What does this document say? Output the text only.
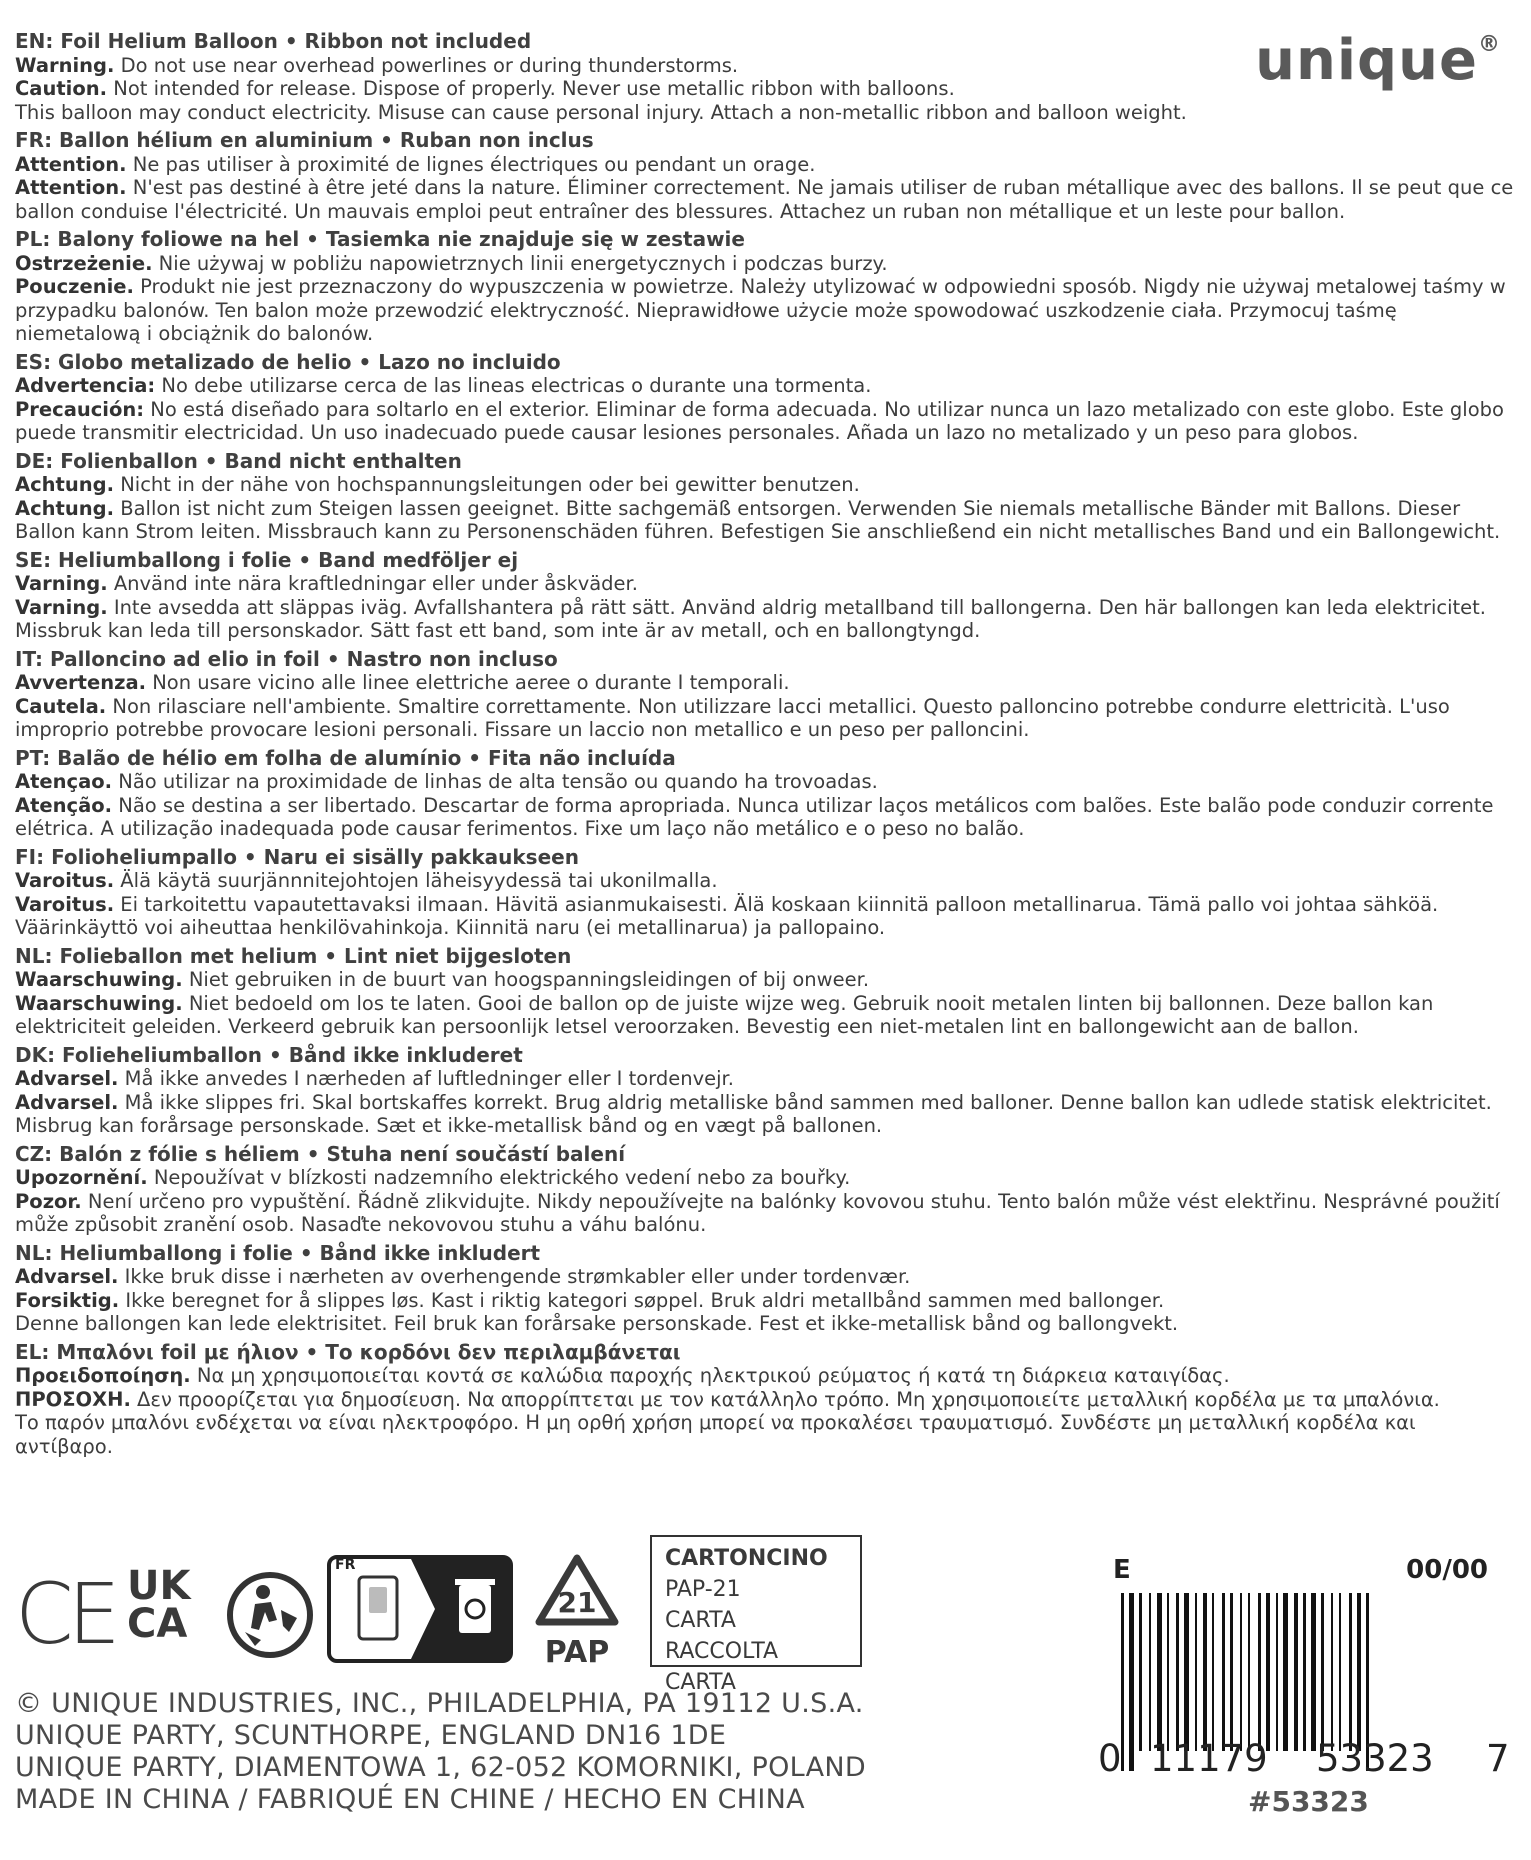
unique®

EN: Foil Helium Balloon • Ribbon not included

Warning. Do not use near overhead powerlines or during thunderstorms.

Caution. Not intended for release. Dispose of properly. Never use metallic ribbon with balloons.

This balloon may conduct electricity. Misuse can cause personal injury. Attach a non-metallic ribbon and balloon weight.

FR: Ballon hélium en aluminium • Ruban non inclus

Attention. Ne pas utiliser à proximité de lignes électriques ou pendant un orage.

Attention. N'est pas destiné à être jeté dans la nature. Éliminer correctement. Ne jamais utiliser de ruban métallique avec des ballons. Il se peut que ce ballon conduise l'électricité. Un mauvais emploi peut entraîner des blessures. Attachez un ruban non métallique et un leste pour ballon.

PL: Balony foliowe na hel • Tasiemka nie znajduje się w zestawie

Ostrzeżenie. Nie używaj w pobliżu napowietrznych linii energetycznych i podczas burzy.

Pouczenie. Produkt nie jest przeznaczony do wypuszczenia w powietrze. Należy utylizować w odpowiedni sposób. Nigdy nie używaj metalowej taśmy w przypadku balonów. Ten balon może przewodzić elektryczność. Nieprawidłowe użycie może spowodować uszkodzenie ciała. Przymocuj taśmę niemetalową i obciążnik do balonów.

ES: Globo metalizado de helio • Lazo no incluido

Advertencia: No debe utilizarse cerca de las lineas electricas o durante una tormenta.

Precaución: No está diseñado para soltarlo en el exterior. Eliminar de forma adecuada. No utilizar nunca un lazo metalizado con este globo. Este globo puede transmitir electricidad. Un uso inadecuado puede causar lesiones personales. Añada un lazo no metalizado y un peso para globos.

DE: Folienballon • Band nicht enthalten

Achtung. Nicht in der nähe von hochspannungsleitungen oder bei gewitter benutzen.

Achtung. Ballon ist nicht zum Steigen lassen geeignet. Bitte sachgemäß entsorgen. Verwenden Sie niemals metallische Bänder mit Ballons. Dieser Ballon kann Strom leiten. Missbrauch kann zu Personenschäden führen. Befestigen Sie anschließend ein nicht metallisches Band und ein Ballongewicht.

SE: Heliumballong i folie • Band medföljer ej

Varning. Använd inte nära kraftledningar eller under åskväder.

Varning. Inte avsedda att släppas iväg. Avfallshantera på rätt sätt. Använd aldrig metallband till ballongerna. Den här ballongen kan leda elektricitet. Missbruk kan leda till personskador. Sätt fast ett band, som inte är av metall, och en ballongtyngd.

IT: Palloncino ad elio in foil • Nastro non incluso

Avvertenza. Non usare vicino alle linee elettriche aeree o durante I temporali.

Cautela. Non rilasciare nell'ambiente. Smaltire correttamente. Non utilizzare lacci metallici. Questo palloncino potrebbe condurre elettricità. L'uso improprio potrebbe provocare lesioni personali. Fissare un laccio non metallico e un peso per palloncini.

PT: Balão de hélio em folha de alumínio • Fita não incluída

Atençao. Não utilizar na proximidade de linhas de alta tensão ou quando ha trovoadas.

Atenção. Não se destina a ser libertado. Descartar de forma apropriada. Nunca utilizar laços metálicos com balões. Este balão pode conduzir corrente elétrica. A utilização inadequada pode causar ferimentos. Fixe um laço não metálico e o peso no balão.

FI: Folioheliumpallo • Naru ei sisälly pakkaukseen

Varoitus. Älä käytä suurjännnitejohtojen läheisyydessä tai ukonilmalla.

Varoitus. Ei tarkoitettu vapautettavaksi ilmaan. Hävitä asianmukaisesti. Älä koskaan kiinnitä palloon metallinarua. Tämä pallo voi johtaa sähköä. Väärinkäyttö voi aiheuttaa henkilövahinkoja. Kiinnitä naru (ei metallinarua) ja pallopaino.

NL: Folieballon met helium • Lint niet bijgesloten

Waarschuwing. Niet gebruiken in de buurt van hoogspanningsleidingen of bij onweer.

Waarschuwing. Niet bedoeld om los te laten. Gooi de ballon op de juiste wijze weg. Gebruik nooit metalen linten bij ballonnen. Deze ballon kan elektriciteit geleiden. Verkeerd gebruik kan persoonlijk letsel veroorzaken. Bevestig een niet-metalen lint en ballongewicht aan de ballon.

DK: Folieheliumballon • Bånd ikke inkluderet

Advarsel. Må ikke anvedes I nærheden af luftledninger eller I tordenvejr.

Advarsel. Må ikke slippes fri. Skal bortskaffes korrekt. Brug aldrig metalliske bånd sammen med balloner. Denne ballon kan udlede statisk elektricitet. Misbrug kan forårsage personskade. Sæt et ikke-metallisk bånd og en vægt på ballonen.

CZ: Balón z fólie s héliem • Stuha není součástí balení

Upozornění. Nepoužívat v blízkosti nadzemního elektrického vedení nebo za bouřky.

Pozor. Není určeno pro vypuštění. Řádně zlikvidujte. Nikdy nepoužívejte na balónky kovovou stuhu. Tento balón může vést elektřinu. Nesprávné použití může způsobit zranění osob. Nasaďte nekovovou stuhu a váhu balónu.

NL: Heliumballong i folie • Bånd ikke inkludert

Advarsel. Ikke bruk disse i nærheten av overhengende strømkabler eller under tordenvær.

Forsiktig. Ikke beregnet for å slippes løs. Kast i riktig kategori søppel. Bruk aldri metallbånd sammen med ballonger.

Denne ballongen kan lede elektrisitet. Feil bruk kan forårsake personskade. Fest et ikke-metallisk bånd og ballongvekt.

EL: Μπαλόνι foil με ήλιον • Το κορδόνι δεν περιλαμβάνεται

Προειδοποίηση. Να μη χρησιμοποιείται κοντά σε καλώδια παροχής ηλεκτρικού ρεύματος ή κατά τη διάρκεια καταιγίδας.

ΠΡΟΣΟΧΗ. Δεν προορίζεται για δημοσίευση. Να απορρίπτεται με τον κατάλληλο τρόπο. Μη χρησιμοποιείτε μεταλλική κορδέλα με τα μπαλόνια.

Το παρόν μπαλόνι ενδέχεται να είναι ηλεκτροφόρο. Η μη ορθή χρήση μπορεί να προκαλέσει τραυματισμό. Συνδέστε μη μεταλλική κορδέλα και αντίβαρο.

CE UK
CA
FR
21
PAP
CARTONCINO
PAP-21
CARTA
RACCOLTA CARTA
© UNIQUE INDUSTRIES, INC., PHILADELPHIA, PA 19112 U.S.A.
UNIQUE PARTY, SCUNTHORPE, ENGLAND DN16 1DE
UNIQUE PARTY, DIAMENTOWA 1, 62-052 KOMORNIKI, POLAND
MADE IN CHINA / FABRIQUÉ EN CHINE / HECHO EN CHINA
E	00/00
0 11179 53323 7
#53323
